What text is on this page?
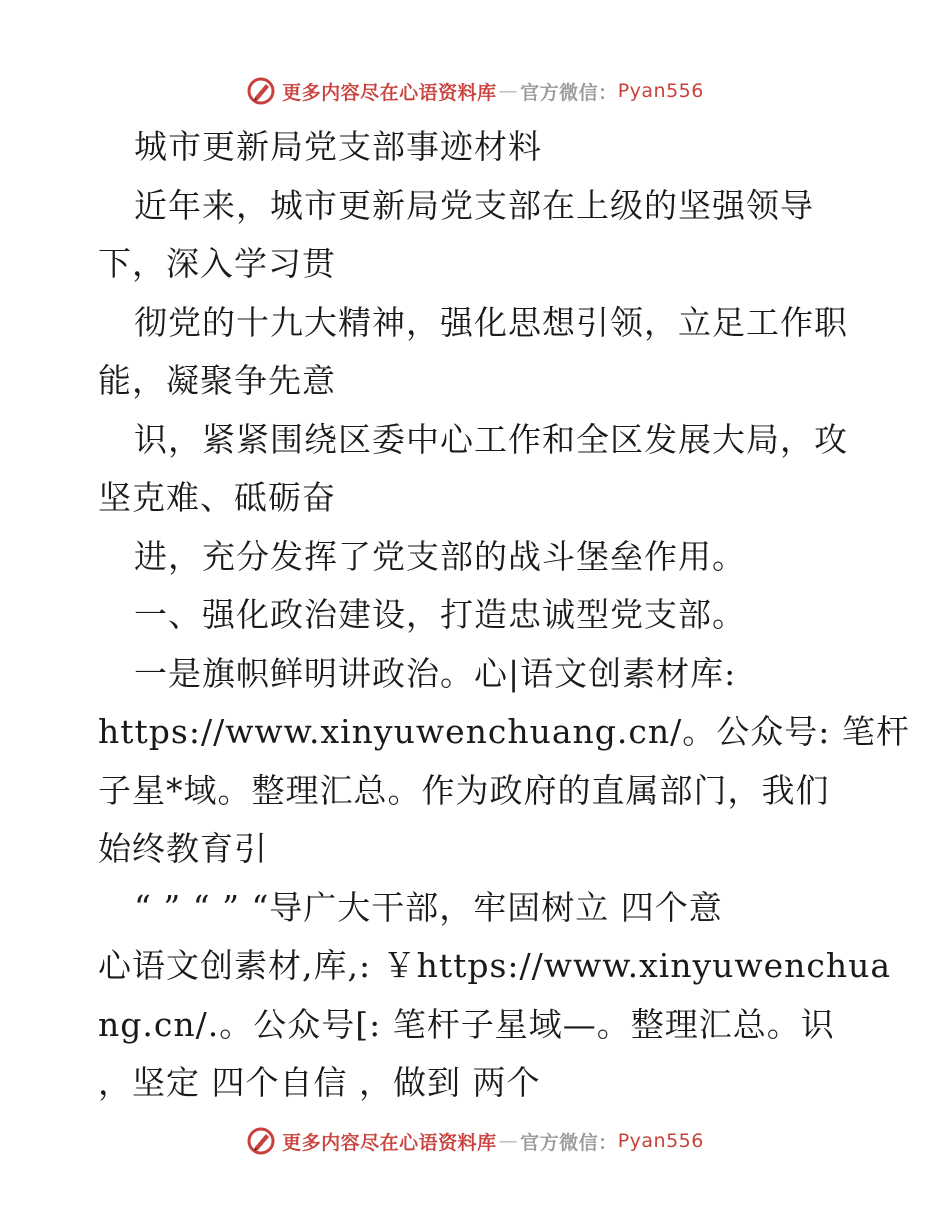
更多内容尽在心语资料库 — 官方微信： Pyan556
城市更新局党支部事迹材料
近年来，城市更新局党支部在上级的坚强领导
下，深入学习贯
彻党的十九大精神，强化思想引领，立足工作职
能，凝聚争先意
识，紧紧围绕区委中心工作和全区发展大局，攻
坚克难、砥砺奋
进，充分发挥了党支部的战斗堡垒作用。
一、强化政治建设，打造忠诚型党支部。
一是旗帜鲜明讲政治。心|语文创素材库:
https://www.xinyuwenchuang.cn/。公众号: 笔杆
子星*域。整理汇总。作为政府的直属部门，我们
始终教育引
“ ” “ ” “导广大干部，牢固树立 四个意
心语文创素材,库,: ￥https://www.xinyuwenchua
ng.cn/.。公众号[: 笔杆子星域—。整理汇总。识
，坚定 四个自信 ，做到 两个
更多内容尽在心语资料库 — 官方微信： Pyan556
